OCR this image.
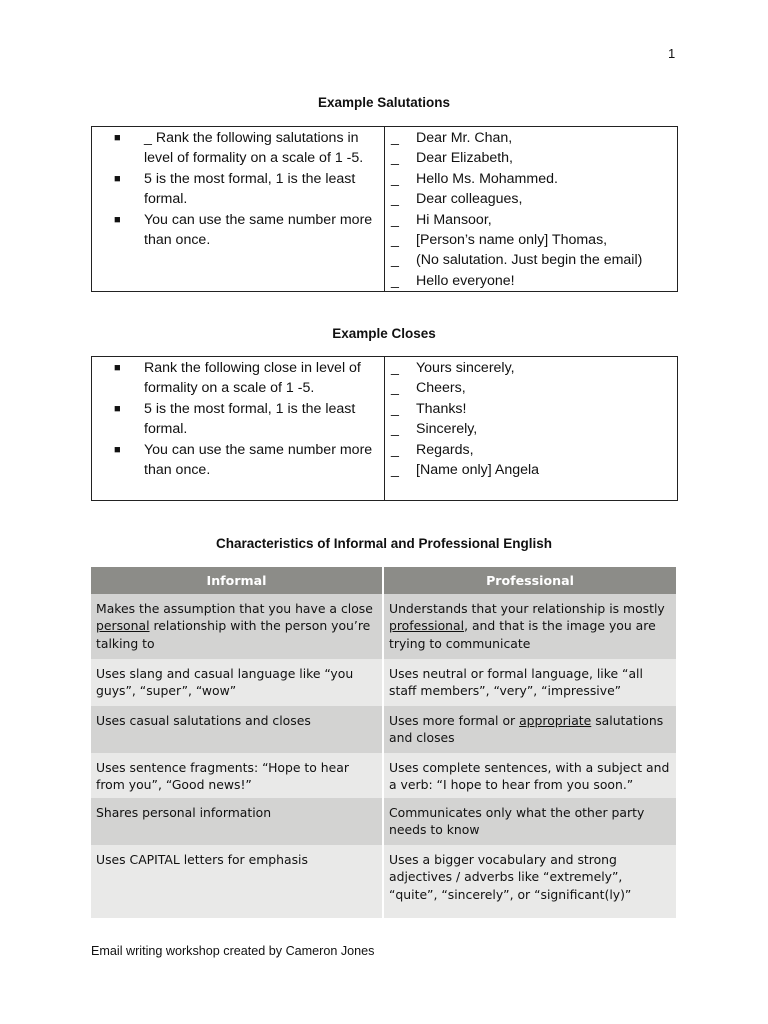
1
Example Salutations
■	_ Rank the following salutations in level of formality on a scale of 1 -5.
■	5 is the most formal, 1 is the least formal.
■	You can use the same number more than once.
_	Dear Mr. Chan,
_	Dear Elizabeth,
_	Hello Ms. Mohammed.
_	Dear colleagues,
_	Hi Mansoor,
_	[Person’s name only] Thomas,
_	(No salutation. Just begin the email)
_	Hello everyone!
Example Closes
■	Rank the following close in level of formality on a scale of 1 -5.
■	5 is the most formal, 1 is the least formal.
■	You can use the same number more than once.
_	Yours sincerely,
_	Cheers,
_	Thanks!
_	Sincerely,
_	Regards,
_	[Name only] Angela
Characteristics of Informal and Professional English
Informal	Professional
Makes the assumption that you have a close personal relationship with the person you’re talking to	Understands that your relationship is mostly professional, and that is the image you are trying to communicate
Uses slang and casual language like “you guys”, “super”, “wow”	Uses neutral or formal language, like “all staff members”, “very”, “impressive”
Uses casual salutations and closes	Uses more formal or appropriate salutations and closes
Uses sentence fragments: “Hope to hear from you”, “Good news!”	Uses complete sentences, with a subject and a verb: “I hope to hear from you soon.”
Shares personal information	Communicates only what the other party needs to know
Uses CAPITAL letters for emphasis	Uses a bigger vocabulary and strong adjectives / adverbs like “extremely”, “quite”, “sincerely”, or “significant(ly)”
Email writing workshop created by Cameron Jones
